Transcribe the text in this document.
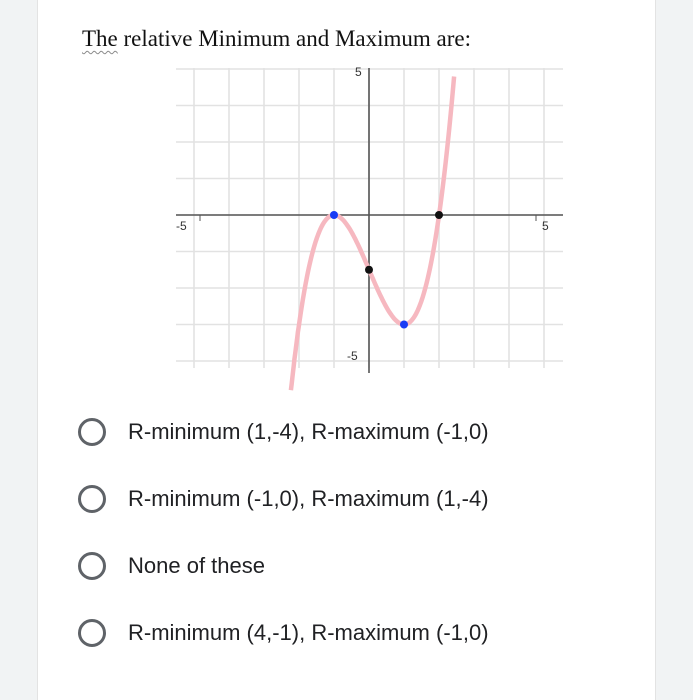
The relative Minimum and Maximum are:
-5	5
5
-5
R-minimum (1,-4), R-maximum (-1,0)
R-minimum (-1,0), R-maximum (1,-4)
None of these
R-minimum (4,-1), R-maximum (-1,0)
